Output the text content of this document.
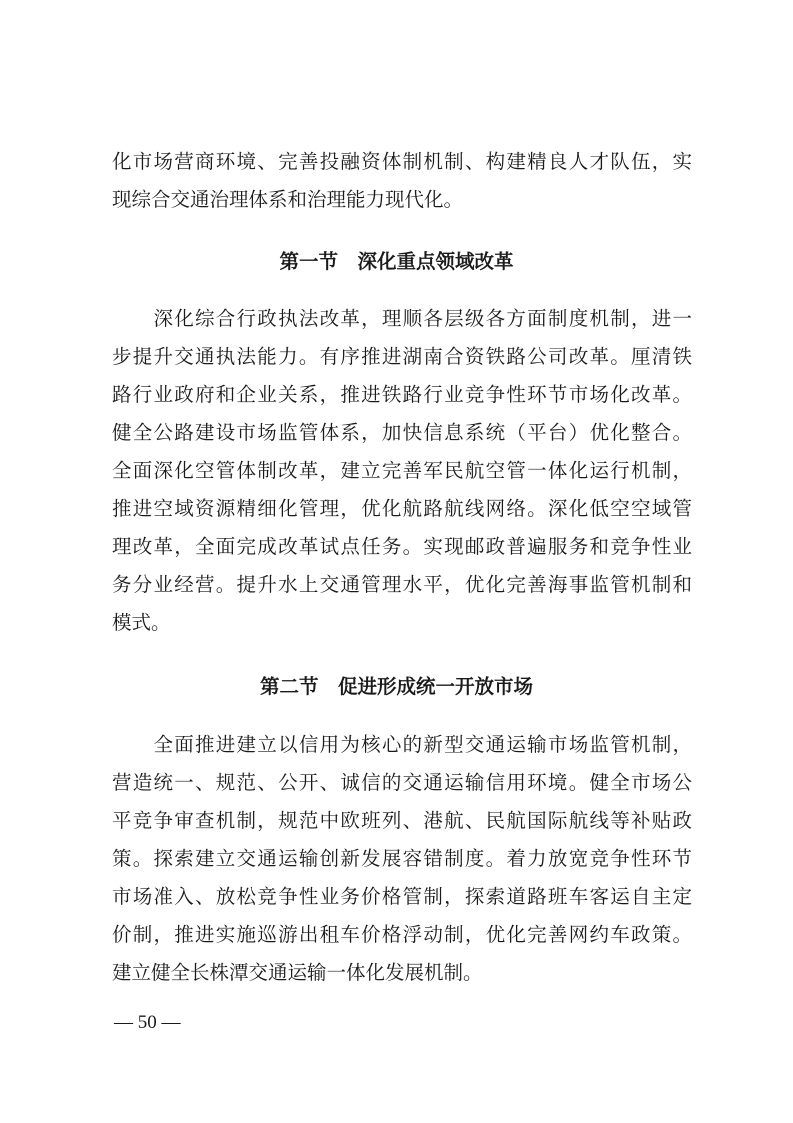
化市场营商环境、完善投融资体制机制、构建精良人才队伍，实
现综合交通治理体系和治理能力现代化。
第一节　深化重点领域改革
　　深化综合行政执法改革，理顺各层级各方面制度机制，进一
步提升交通执法能力。有序推进湖南合资铁路公司改革。厘清铁
路行业政府和企业关系，推进铁路行业竞争性环节市场化改革。
健全公路建设市场监管体系，加快信息系统（平台）优化整合。
全面深化空管体制改革，建立完善军民航空管一体化运行机制，
推进空域资源精细化管理，优化航路航线网络。深化低空空域管
理改革，全面完成改革试点任务。实现邮政普遍服务和竞争性业
务分业经营。提升水上交通管理水平，优化完善海事监管机制和
模式。
第二节　促进形成统一开放市场
　　全面推进建立以信用为核心的新型交通运输市场监管机制，
营造统一、规范、公开、诚信的交通运输信用环境。健全市场公
平竞争审查机制，规范中欧班列、港航、民航国际航线等补贴政
策。探索建立交通运输创新发展容错制度。着力放宽竞争性环节
市场准入、放松竞争性业务价格管制，探索道路班车客运自主定
价制，推进实施巡游出租车价格浮动制，优化完善网约车政策。
建立健全长株潭交通运输一体化发展机制。
— 50 —
